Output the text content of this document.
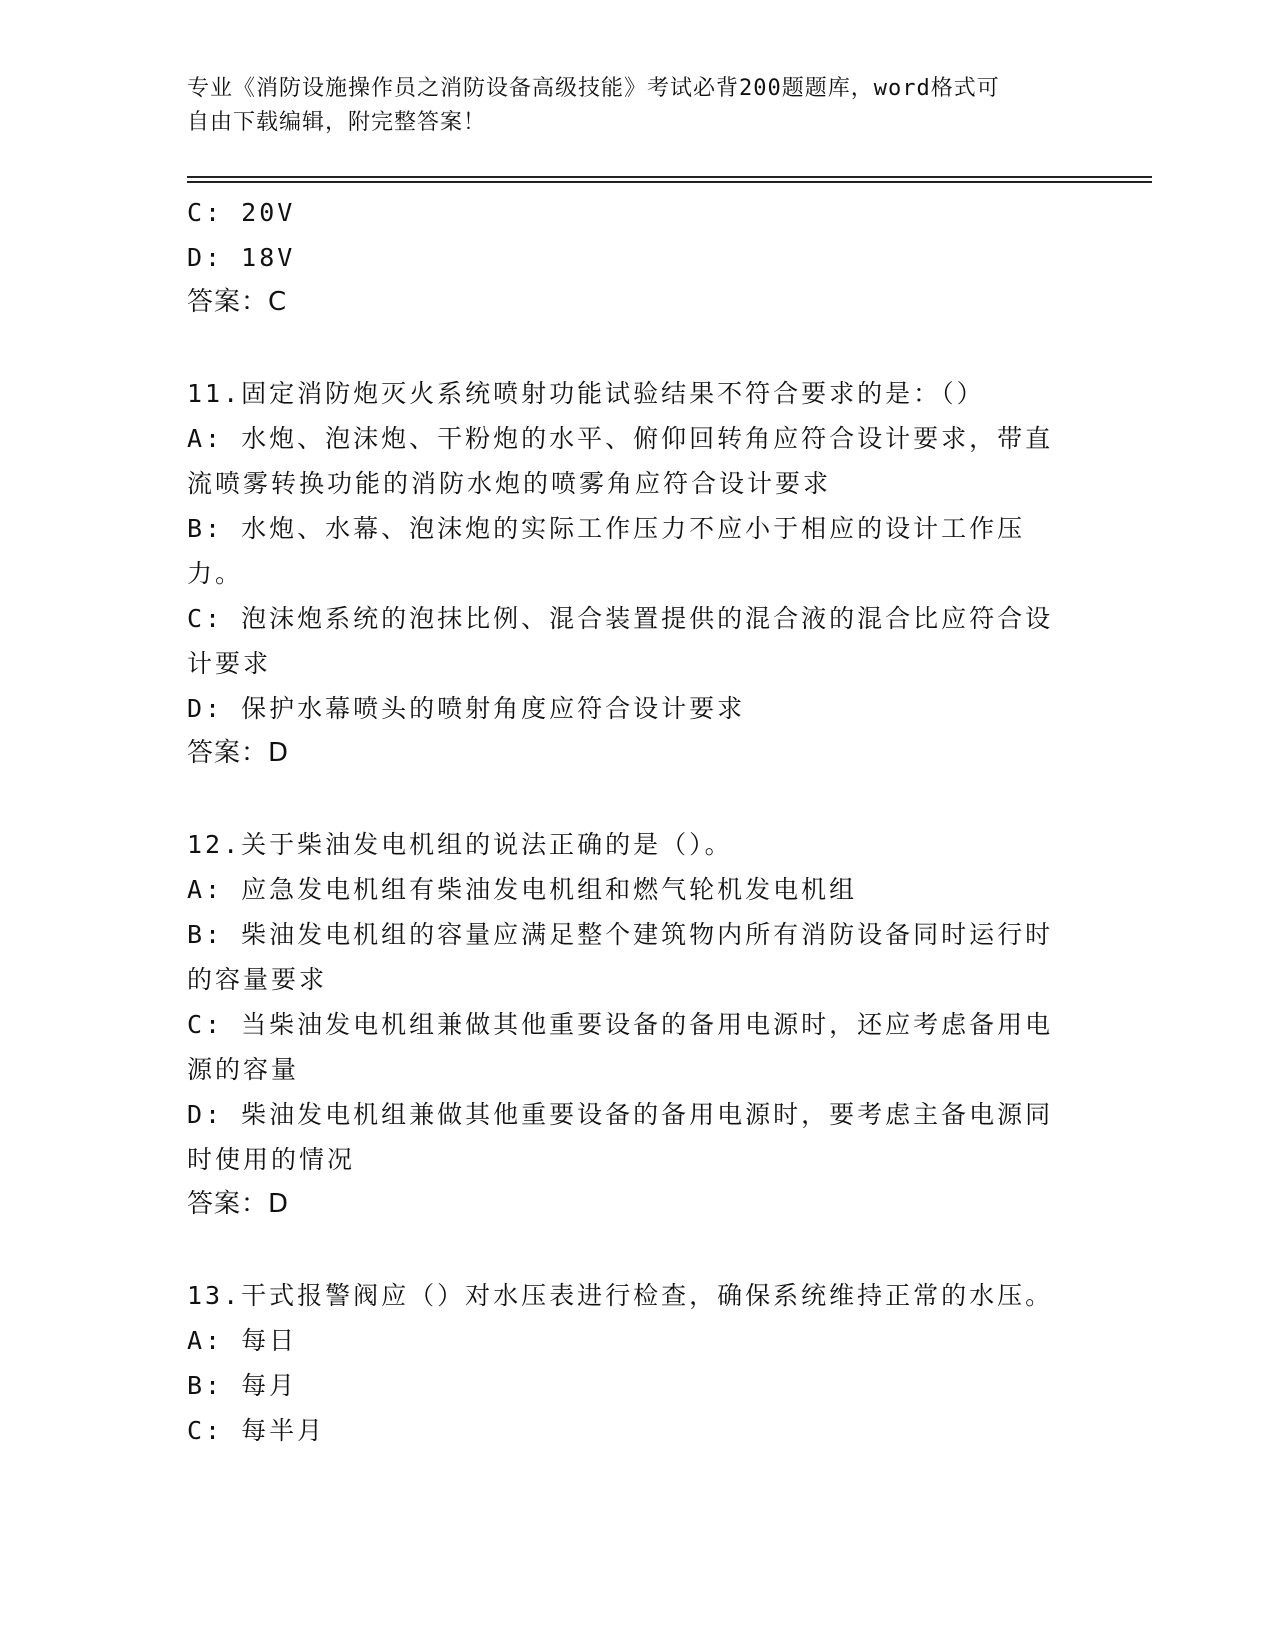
专业《消防设施操作员之消防设备高级技能》考试必背200题题库，word格式可
自由下载编辑，附完整答案！

C: 20V

D: 18V

答案：C

11.固定消防炮灭火系统喷射功能试验结果不符合要求的是：（）

A: 水炮、泡沫炮、干粉炮的水平、俯仰回转角应符合设计要求，带直流喷雾转换功能的消防水炮的喷雾角应符合设计要求

B: 水炮、水幕、泡沫炮的实际工作压力不应小于相应的设计工作压力。

C: 泡沫炮系统的泡抹比例、混合装置提供的混合液的混合比应符合设计要求

D: 保护水幕喷头的喷射角度应符合设计要求

答案：D

12.关于柴油发电机组的说法正确的是（）。

A: 应急发电机组有柴油发电机组和燃气轮机发电机组

B: 柴油发电机组的容量应满足整个建筑物内所有消防设备同时运行时的容量要求

C: 当柴油发电机组兼做其他重要设备的备用电源时，还应考虑备用电源的容量

D: 柴油发电机组兼做其他重要设备的备用电源时，要考虑主备电源同时使用的情况

答案：D

13.干式报警阀应（）对水压表进行检查，确保系统维持正常的水压。

A: 每日

B: 每月

C: 每半月
